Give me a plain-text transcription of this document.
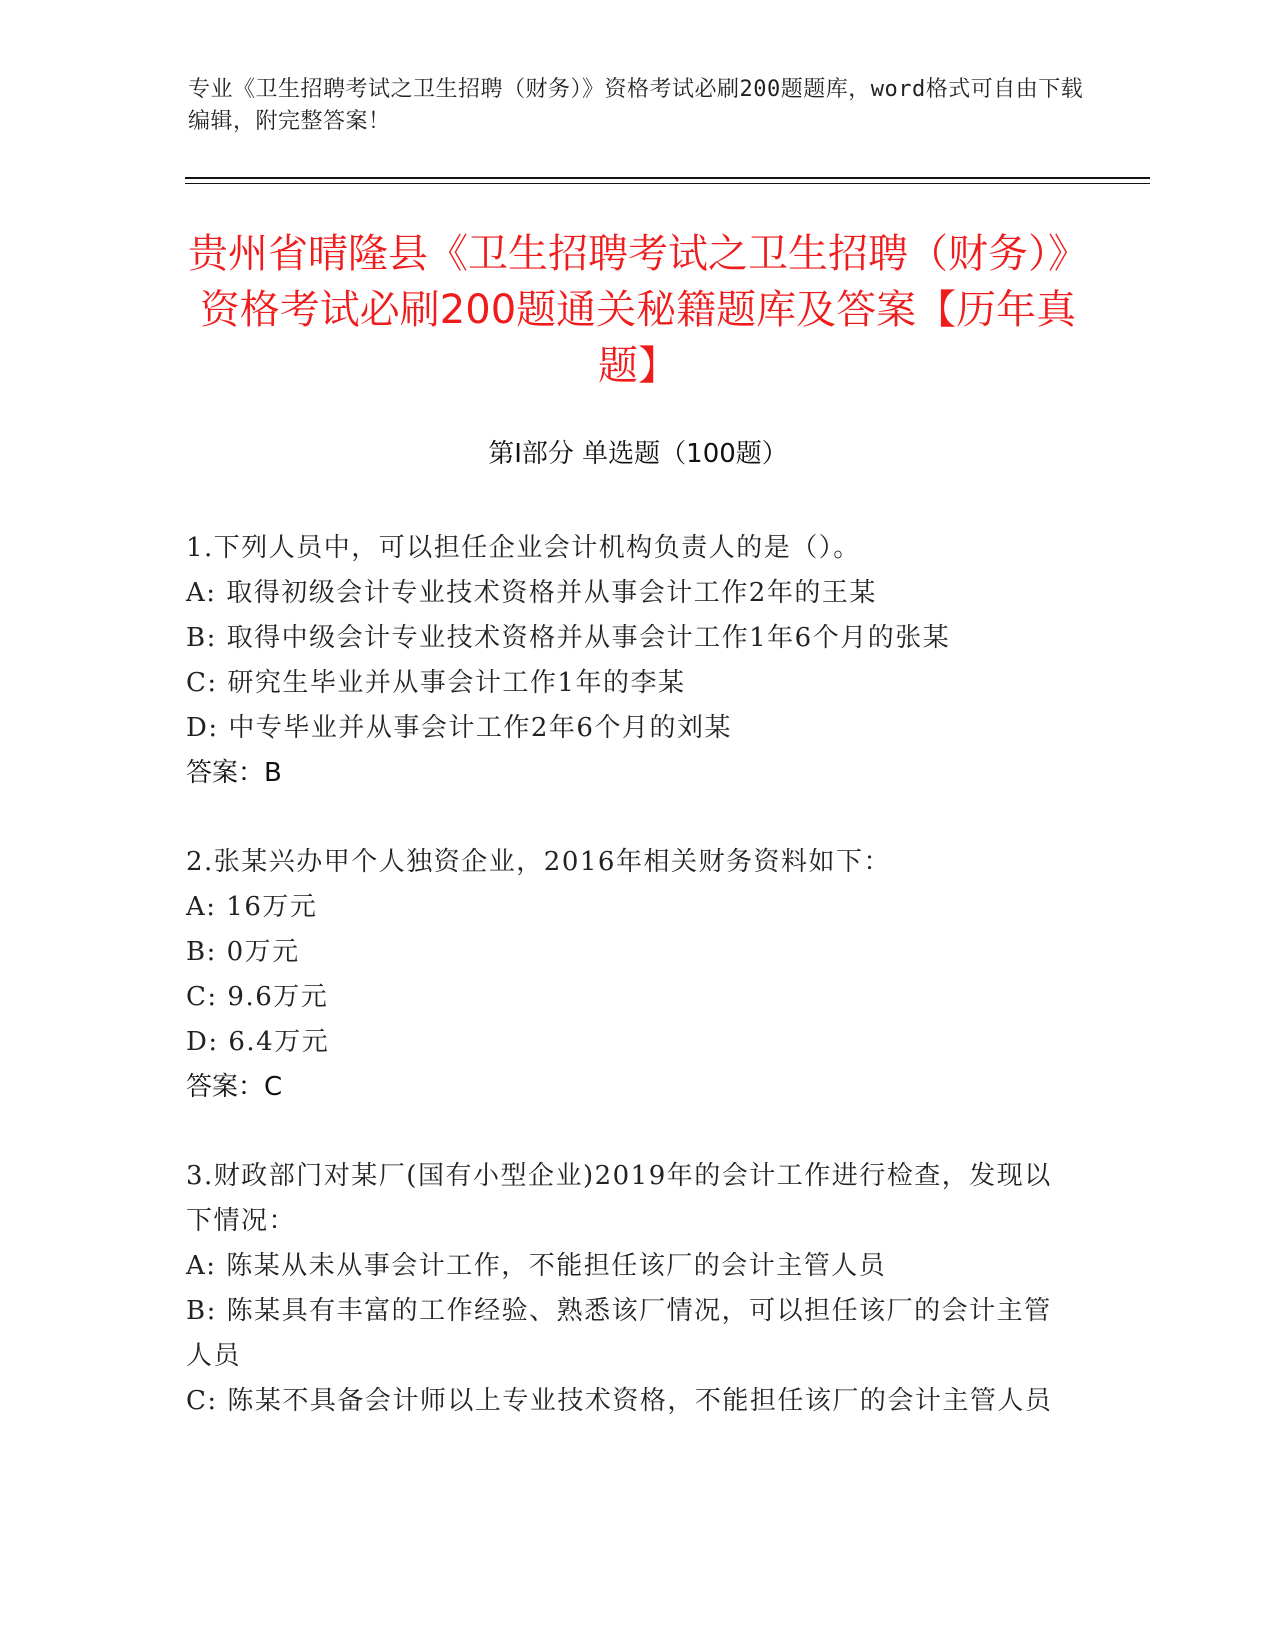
专业《卫生招聘考试之卫生招聘（财务）》资格考试必刷200题题库，word格式可自由下载编辑，附完整答案！
贵州省晴隆县《卫生招聘考试之卫生招聘（财务）》资格考试必刷200题通关秘籍题库及答案【历年真题】
第I部分 单选题（100题）

1.下列人员中，可以担任企业会计机构负责人的是（）。

A: 取得初级会计专业技术资格并从事会计工作2年的王某

B: 取得中级会计专业技术资格并从事会计工作1年6个月的张某

C: 研究生毕业并从事会计工作1年的李某

D: 中专毕业并从事会计工作2年6个月的刘某

答案：B

2.张某兴办甲个人独资企业，2016年相关财务资料如下：

A: 16万元

B: 0万元

C: 9.6万元

D: 6.4万元

答案：C

3.财政部门对某厂(国有小型企业)2019年的会计工作进行检查，发现以下情况：

A: 陈某从未从事会计工作，不能担任该厂的会计主管人员

B: 陈某具有丰富的工作经验、熟悉该厂情况，可以担任该厂的会计主管人员

C: 陈某不具备会计师以上专业技术资格，不能担任该厂的会计主管人员
